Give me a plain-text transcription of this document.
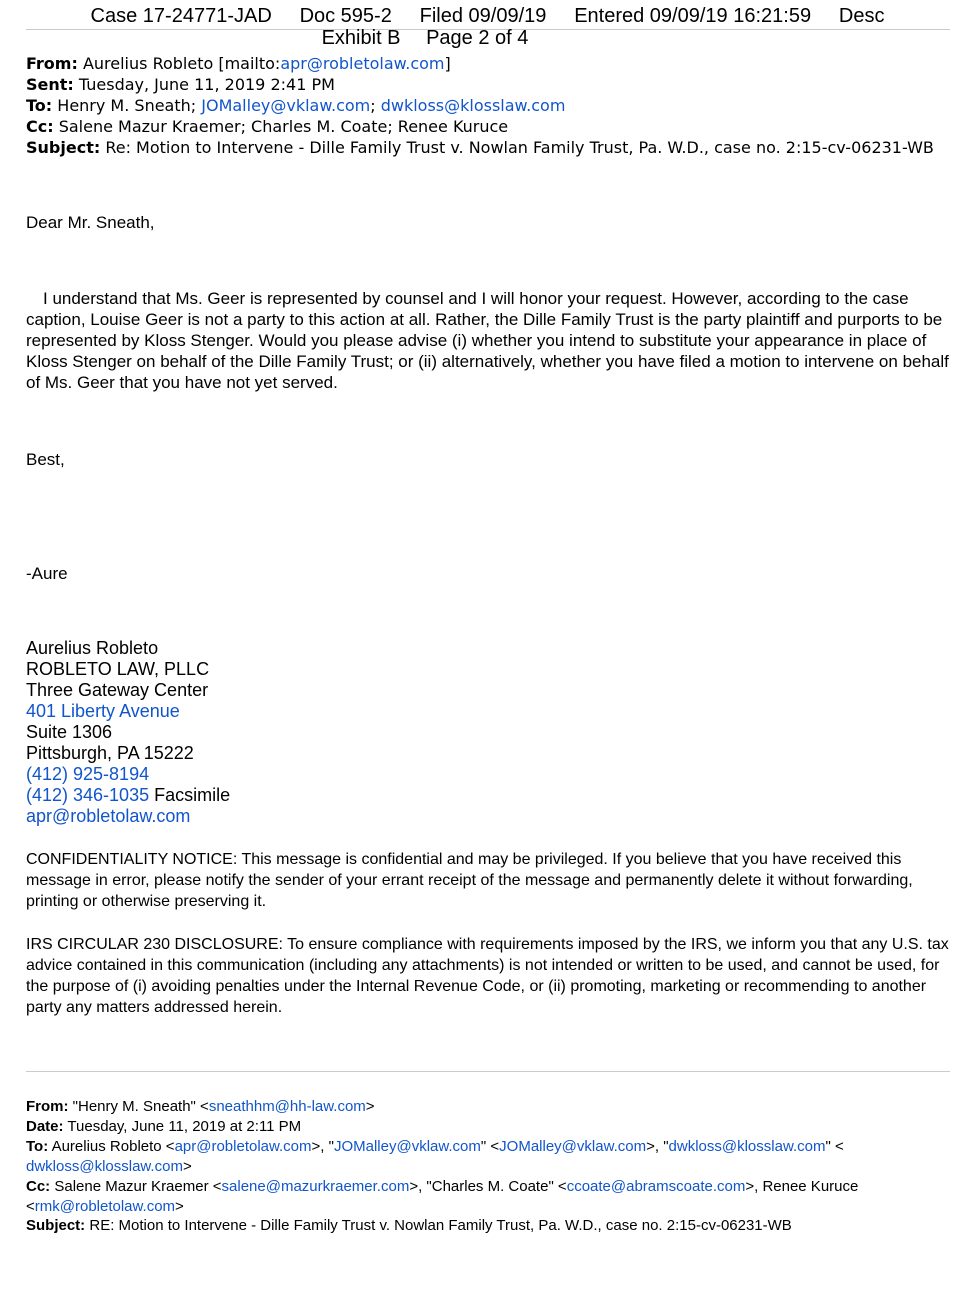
Case 17-24771-JAD Doc 595-2 Filed 09/09/19 Entered 09/09/19 16:21:59 Desc
Exhibit B Page 2 of 4
From: Aurelius Robleto [mailto:apr@robletolaw.com]
Sent: Tuesday, June 11, 2019 2:41 PM
To: Henry M. Sneath; JOMalley@vklaw.com; dwkloss@klosslaw.com
Cc: Salene Mazur Kraemer; Charles M. Coate; Renee Kuruce
Subject: Re: Motion to Intervene - Dille Family Trust v. Nowlan Family Trust, Pa. W.D., case no. 2:15-cv-06231-WB
Dear Mr. Sneath,
I understand that Ms. Geer is represented by counsel and I will honor your request. However, according to the case caption, Louise Geer is not a party to this action at all. Rather, the Dille Family Trust is the party plaintiff and purports to be represented by Kloss Stenger. Would you please advise (i) whether you intend to substitute your appearance in place of Kloss Stenger on behalf of the Dille Family Trust; or (ii) alternatively, whether you have filed a motion to intervene on behalf of Ms. Geer that you have not yet served.
Best,
-Aure
Aurelius Robleto
ROBLETO LAW, PLLC
Three Gateway Center
401 Liberty Avenue
Suite 1306
Pittsburgh, PA 15222
(412) 925-8194
(412) 346-1035 Facsimile
apr@robletolaw.com
CONFIDENTIALITY NOTICE: This message is confidential and may be privileged. If you believe that you have received this message in error, please notify the sender of your errant receipt of the message and permanently delete it without forwarding, printing or otherwise preserving it.
IRS CIRCULAR 230 DISCLOSURE: To ensure compliance with requirements imposed by the IRS, we inform you that any U.S. tax advice contained in this communication (including any attachments) is not intended or written to be used, and cannot be used, for the purpose of (i) avoiding penalties under the Internal Revenue Code, or (ii) promoting, marketing or recommending to another party any matters addressed herein.
From: "Henry M. Sneath" <sneathhm@hh-law.com>
Date: Tuesday, June 11, 2019 at 2:11 PM
To: Aurelius Robleto <apr@robletolaw.com>, "JOMalley@vklaw.com" <JOMalley@vklaw.com>, "dwkloss@klosslaw.com" <
dwkloss@klosslaw.com>
Cc: Salene Mazur Kraemer <salene@mazurkraemer.com>, "Charles M. Coate" <ccoate@abramscoate.com>, Renee Kuruce <rmk@robletolaw.com>
Subject: RE: Motion to Intervene - Dille Family Trust v. Nowlan Family Trust, Pa. W.D., case no. 2:15-cv-06231-WB
